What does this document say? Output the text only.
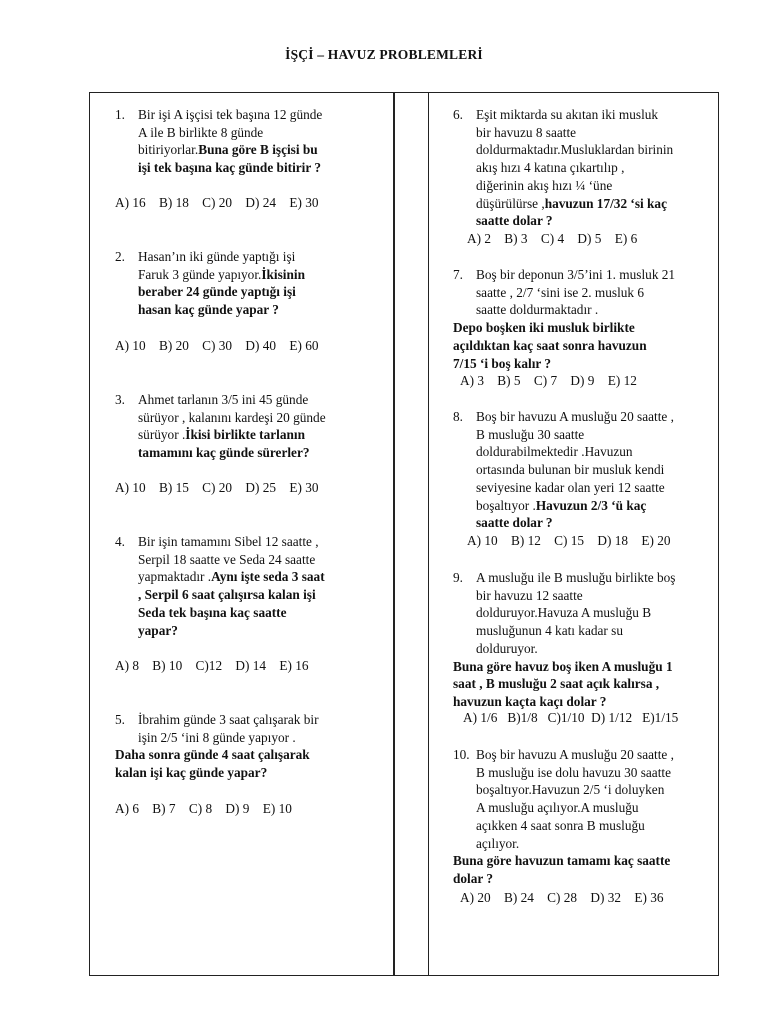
İŞÇİ – HAVUZ PROBLEMLERİ
1. Bir işi A işçisi tek başına 12 günde
A ile B birlikte 8 günde
bitiriyorlar.Buna göre B işçisi bu
işi tek başına kaç günde bitirir ?
A) 16    B) 18    C) 20    D) 24    E) 30
2. Hasan’ın iki günde yaptığı işi
Faruk 3 günde yapıyor.İkisinin
beraber 24 günde yaptığı işi
hasan kaç günde yapar ?
A) 10    B) 20    C) 30    D) 40    E) 60
3. Ahmet tarlanın 3/5 ini 45 günde
sürüyor , kalanını kardeşi 20 günde
sürüyor .İkisi birlikte tarlanın
tamamını kaç günde sürerler?
A) 10    B) 15    C) 20    D) 25    E) 30
4. Bir işin tamamını Sibel 12 saatte ,
Serpil 18 saatte ve Seda 24 saatte
yapmaktadır .Aynı işte seda 3 saat
, Serpil 6 saat çalışırsa kalan işi
Seda tek başına kaç saatte
yapar?
A) 8    B) 10    C)12    D) 14    E) 16
5. İbrahim günde 3 saat çalışarak bir
işin 2/5 ‘ini 8 günde yapıyor .
Daha sonra günde 4 saat çalışarak
kalan işi kaç günde yapar?
A) 6    B) 7    C) 8    D) 9    E) 10
6. Eşit miktarda su akıtan iki musluk
bir havuzu 8 saatte
doldurmaktadır.Musluklardan birinin
akış hızı 4 katına çıkartılıp ,
diğerinin akış hızı ¼ ‘üne
düşürülürse ,havuzun 17/32 ‘si kaç
saatte dolar ?
A) 2    B) 3    C) 4    D) 5    E) 6
7. Boş bir deponun 3/5’ini 1. musluk 21
saatte , 2/7 ‘sini ise 2. musluk 6
saatte doldurmaktadır .
Depo boşken iki musluk birlikte
açıldıktan kaç saat sonra havuzun
7/15 ‘i boş kalır ?
A) 3    B) 5    C) 7    D) 9    E) 12
8. Boş bir havuzu A musluğu 20 saatte ,
B musluğu 30 saatte
doldurabilmektedir .Havuzun
ortasında bulunan bir musluk kendi
seviyesine kadar olan yeri 12 saatte
boşaltıyor .Havuzun 2/3 ‘ü kaç
saatte dolar ?
A) 10    B) 12    C) 15    D) 18    E) 20
9. A musluğu ile B musluğu birlikte boş
bir havuzu 12 saatte
dolduruyor.Havuza A musluğu B
musluğunun 4 katı kadar su
dolduruyor.
Buna göre havuz boş iken A musluğu 1
saat , B musluğu 2 saat açık kalırsa ,
havuzun kaçta kaçı dolar ?
A) 1/6   B)1/8   C)1/10  D) 1/12   E)1/15
10. Boş bir havuzu A musluğu 20 saatte ,
B musluğu ise dolu havuzu 30 saatte
boşaltıyor.Havuzun 2/5 ‘i doluyken
A musluğu açılıyor.A musluğu
açıkken 4 saat sonra B musluğu
açılıyor.
Buna göre havuzun tamamı kaç saatte
dolar ?
A) 20    B) 24    C) 28    D) 32    E) 36
